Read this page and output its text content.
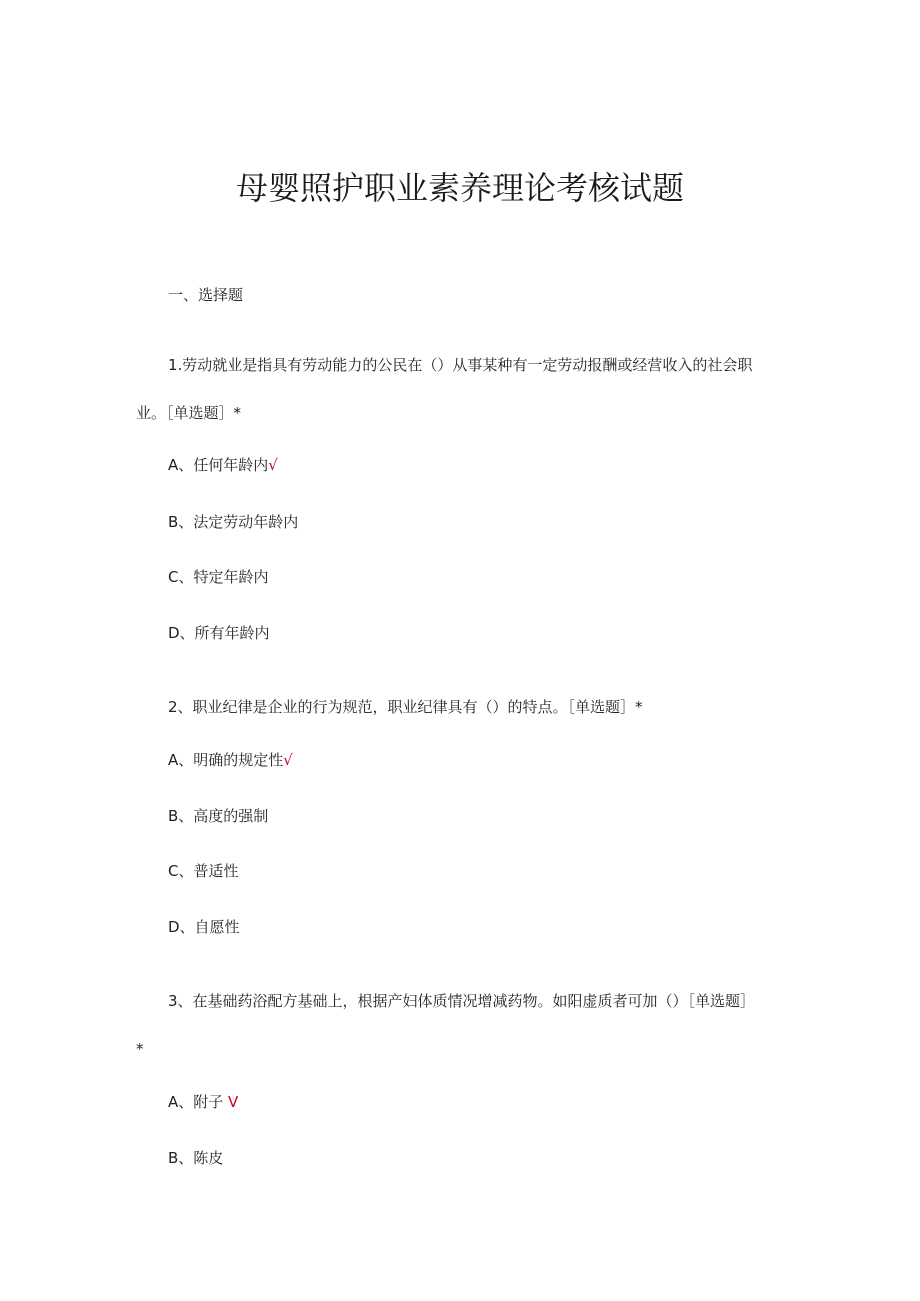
母婴照护职业素养理论考核试题
一、选择题
1.劳动就业是指具有劳动能力的公民在（）从事某种有一定劳动报酬或经营收入的社会职
业。［单选题］*
A、任何年龄内√
B、法定劳动年龄内
C、特定年龄内
D、所有年龄内
2、职业纪律是企业的行为规范，职业纪律具有（）的特点。［单选题］*
A、明确的规定性√
B、高度的强制
C、普适性
D、自愿性
3、在基础药浴配方基础上，根据产妇体质情况增减药物。如阳虚质者可加（）［单选题］
*
A、附子 V
B、陈皮
